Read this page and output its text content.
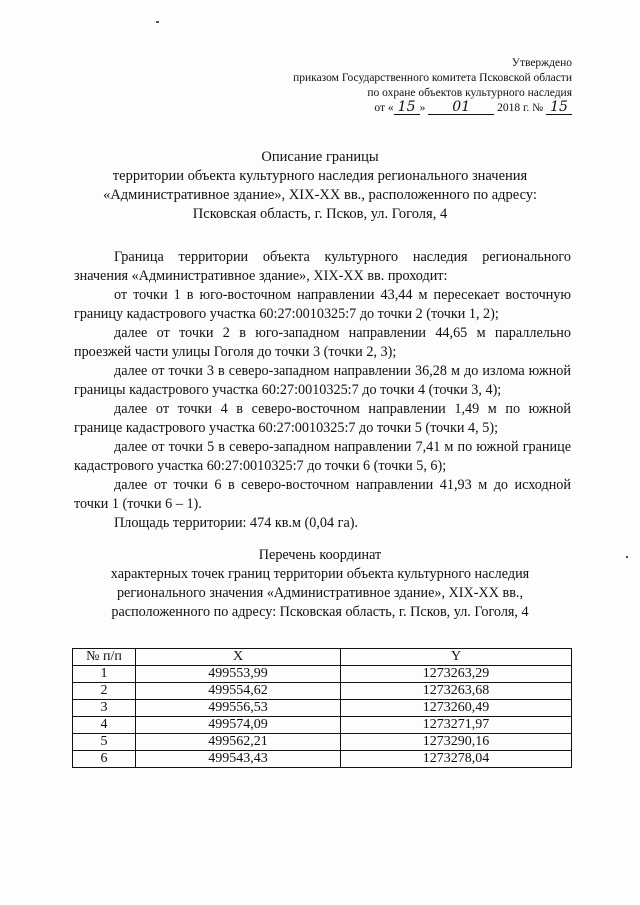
Утверждено
приказом Государственного комитета Псковской области
по охране объектов культурного наследия
от « 15 » 01 2018 г. № 15
Описание границы
территории объекта культурного наследия регионального значения
«Административное здание», XIX-XX вв., расположенного по адресу:
Псковская область, г. Псков, ул. Гоголя, 4

Граница территории объекта культурного наследия регионального значения «Административное здание», XIX-XX вв. проходит:

от точки 1 в юго-восточном направлении 43,44 м пересекает восточную границу кадастрового участка 60:27:0010325:7 до точки 2 (точки 1, 2);

далее от точки 2 в юго-западном направлении 44,65 м параллельно проезжей части улицы Гоголя до точки 3 (точки 2, 3);

далее от точки 3 в северо-западном направлении 36,28 м до излома южной границы кадастрового участка 60:27:0010325:7 до точки 4 (точки 3, 4);

далее от точки 4 в северо-восточном направлении 1,49 м по южной границе кадастрового участка 60:27:0010325:7 до точки 5 (точки 4, 5);

далее от точки 5 в северо-западном направлении 7,41 м по южной границе кадастрового участка 60:27:0010325:7 до точки 6 (точки 5, 6);

далее от точки 6 в северо-восточном направлении 41,93 м до исходной точки 1 (точки 6 – 1).

Площадь территории: 474 кв.м (0,04 га).

Перечень координат
характерных точек границ территории объекта культурного наследия
регионального значения «Административное здание», XIX-XX вв.,
расположенного по адресу: Псковская область, г. Псков, ул. Гоголя, 4
№ п/п	X	Y
1	499553,99	1273263,29
2	499554,62	1273263,68
3	499556,53	1273260,49
4	499574,09	1273271,97
5	499562,21	1273290,16
6	499543,43	1273278,04
